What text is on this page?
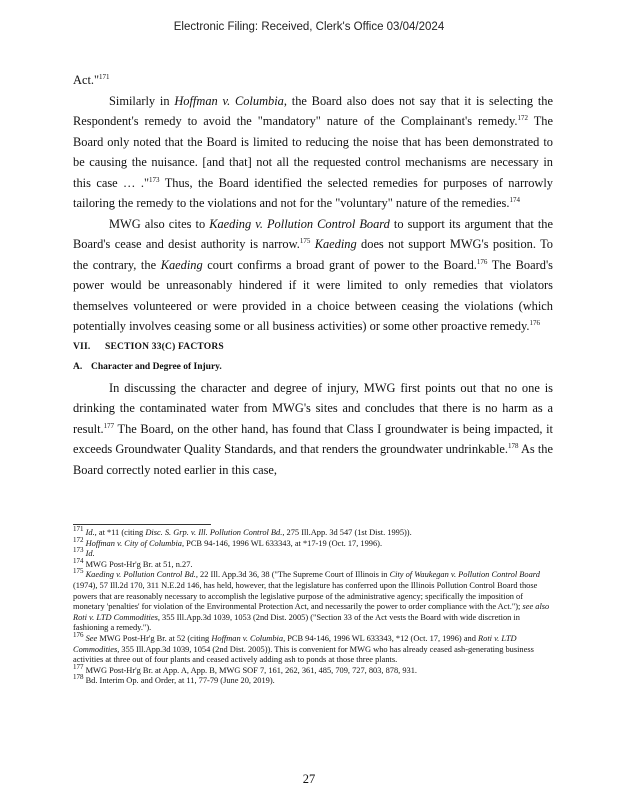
Electronic Filing: Received, Clerk's Office 03/04/2024

Act."$^{171}$

Similarly in Hoffman v. Columbia, the Board also does not say that it is selecting the Respondent's remedy to avoid the "mandatory" nature of the Complainant's remedy.$^{172}$ The Board only noted that the Board is limited to reducing the noise that has been demonstrated to be causing the nuisance. [and that] not all the requested control mechanisms are necessary in this case … ."$^{173}$ Thus, the Board identified the selected remedies for purposes of narrowly tailoring the remedy to the violations and not for the "voluntary" nature of the remedies.$^{174}$

MWG also cites to Kaeding v. Pollution Control Board to support its argument that the Board's cease and desist authority is narrow.$^{175}$ Kaeding does not support MWG's position. To the contrary, the Kaeding court confirms a broad grant of power to the Board.$^{176}$ The Board's power would be unreasonably hindered if it were limited to only remedies that violators themselves volunteered or were provided in a choice between ceasing the violations (which potentially involves ceasing some or all business activities) or some other proactive remedy.$^{176}$

VII. SECTION 33(C) FACTORS

A. Character and Degree of Injury.

In discussing the character and degree of injury, MWG first points out that no one is drinking the contaminated water from MWG's sites and concludes that there is no harm as a result.$^{177}$ The Board, on the other hand, has found that Class I groundwater is being impacted, it exceeds Groundwater Quality Standards, and that renders the groundwater undrinkable.$^{178}$ As the Board correctly noted earlier in this case,

$^{171}$ Id., at *11 (citing Disc. S. Grp. v. Ill. Pollution Control Bd., 275 Ill.App. 3d 547 (1st Dist. 1995)).

$^{172}$ Hoffman v. City of Columbia, PCB 94-146, 1996 WL 633343, at *17-19 (Oct. 17, 1996).

$^{173}$ Id.

$^{174}$ MWG Post-Hr'g Br. at 51, n.27.

$^{175}$ Kaeding v. Pollution Control Bd., 22 Ill. App.3d 36, 38 ("The Supreme Court of Illinois in City of Waukegan v. Pollution Control Board (1974), 57 Ill.2d 170, 311 N.E.2d 146, has held, however, that the legislature has conferred upon the Illinois Pollution Control Board those powers that are reasonably necessary to accomplish the legislative purpose of the administrative agency; specifically the imposition of monetary 'penalties' for violation of the Environmental Protection Act, and necessarily the power to order compliance with the Act."); see also Roti v. LTD Commodities, 355 Ill.App.3d 1039, 1053 (2nd Dist. 2005) ("Section 33 of the Act vests the Board with wide discretion in fashioning a remedy.").

$^{176}$ See MWG Post-Hr'g Br. at 52 (citing Hoffman v. Columbia, PCB 94-146, 1996 WL 633343, *12 (Oct. 17, 1996) and Roti v. LTD Commodities, 355 Ill.App.3d 1039, 1054 (2nd Dist. 2005)). This is convenient for MWG who has already ceased ash-generating business activities at three out of four plants and ceased actively adding ash to ponds at those three plants.

$^{177}$ MWG Post-Hr'g Br. at App. A, App. B, MWG SOF 7, 161, 262, 361, 485, 709, 727, 803, 878, 931.

$^{178}$ Bd. Interim Op. and Order, at 11, 77-79 (June 20, 2019).

27
